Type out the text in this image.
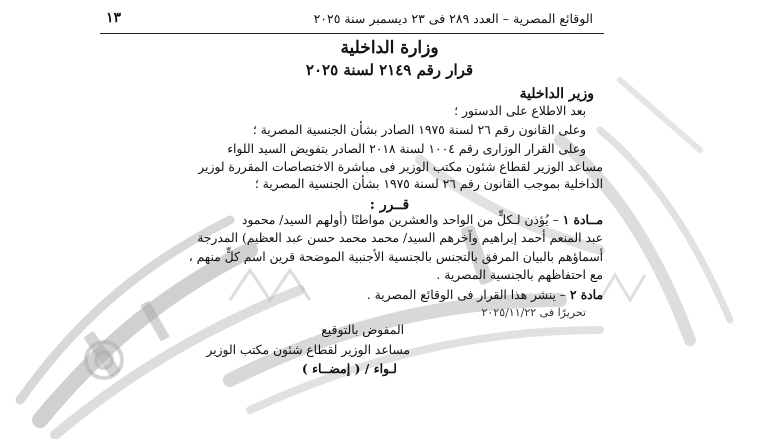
الوقائع المصرية – العدد ٢٨٩ فى ٢٣ ديسمبر سنة ٢٠٢٥
١٣
وزارة الداخلية
قرار رقم ٢١٤٩ لسنة ٢٠٢٥
وزير الداخلية
بعد الاطلاع على الدستور ؛
وعلى القانون رقم ٢٦ لسنة ١٩٧٥ الصادر بشأن الجنسية المصرية ؛
وعلى القرار الوزارى رقم ١٠٠٤ لسنة ٢٠١٨ الصادر بتفويض السيد اللواء
مساعد الوزير لقطاع شئون مكتب الوزير فى مباشرة الاختصاصات المقررة لوزير
الداخلية بموجب القانون رقم ٢٦ لسنة ١٩٧٥ بشأن الجنسية المصرية ؛
قــرر :
مــادة ١ – يُؤذن لـكلٍّ من الواحد والعشرين مواطنًا (أولهم السيد/ محمود
عبد المنعم أحمد إبراهيم وآخرهم السيد/ محمد محمد حسن عبد العظيم) المدرجة
أسماؤهم بالبيان المرفق بالتجنس بالجنسية الأجنبية الموضحة قرين اسم كلٍّ منهم ،
مع احتفاظهم بالجنسية المصرية .
مادة ٢ – ينشر هذا القرار فى الوقائع المصرية .
تحريرًا فى ٢٠٢٥/١١/٢٢
المفوض بالتوقيع
مساعد الوزير لقطاع شئون مكتب الوزير
لـواء / ( إمضــاء )
